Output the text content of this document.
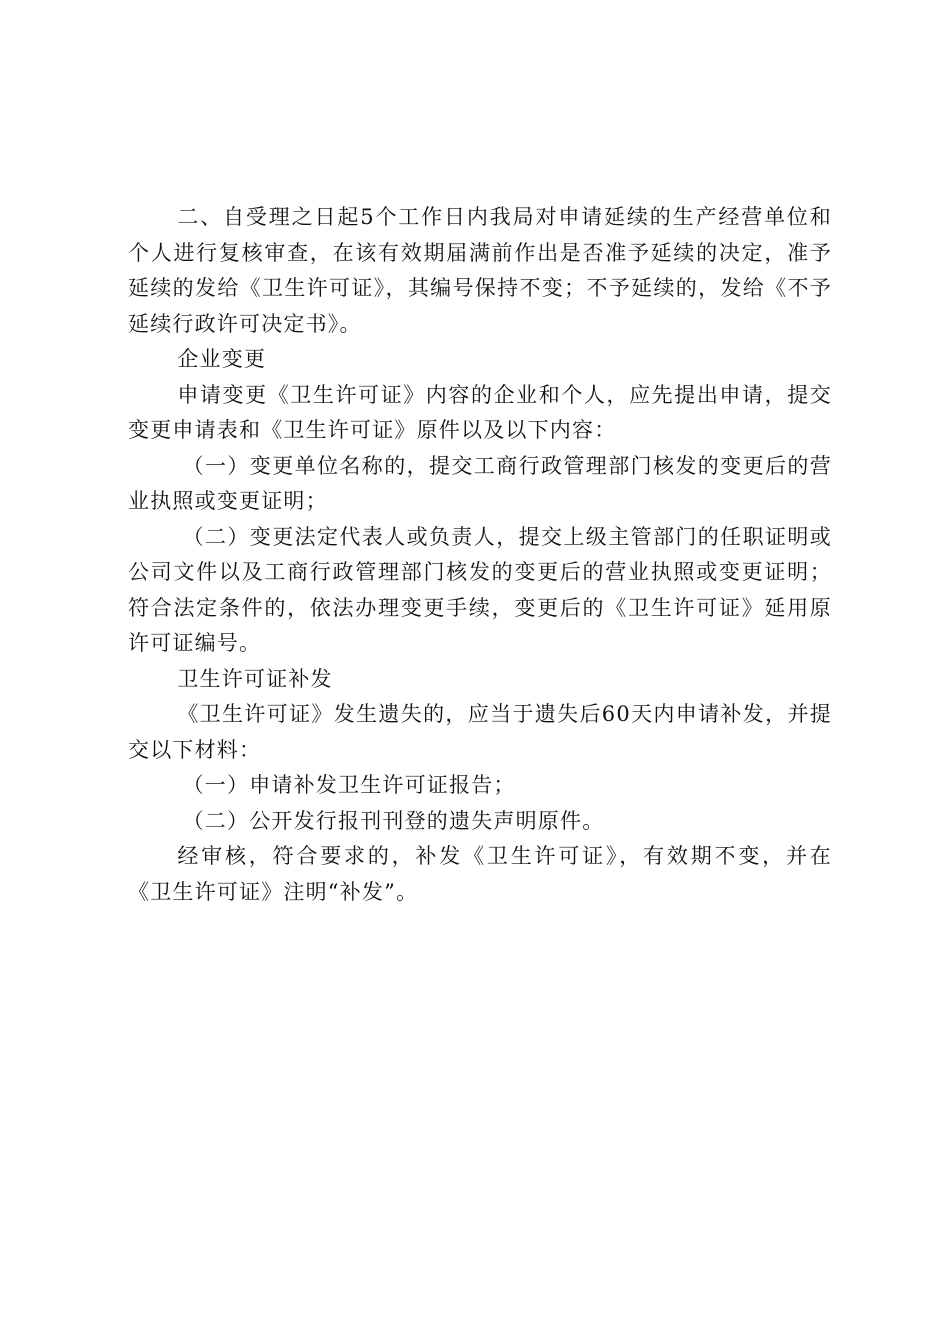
二、自受理之日起5个工作日内我局对申请延续的生产经营单位和个人进行复核审查，在该有效期届满前作出是否准予延续的决定，准予延续的发给《卫生许可证》，其编号保持不变；不予延续的，发给《不予延续行政许可决定书》。

企业变更

申请变更《卫生许可证》内容的企业和个人，应先提出申请，提交变更申请表和《卫生许可证》原件以及以下内容：

（一）变更单位名称的，提交工商行政管理部门核发的变更后的营业执照或变更证明；

（二）变更法定代表人或负责人，提交上级主管部门的任职证明或公司文件以及工商行政管理部门核发的变更后的营业执照或变更证明；符合法定条件的，依法办理变更手续，变更后的《卫生许可证》延用原许可证编号。

卫生许可证补发

《卫生许可证》发生遗失的，应当于遗失后60天内申请补发，并提交以下材料：

（一）申请补发卫生许可证报告；

（二）公开发行报刊刊登的遗失声明原件。

经审核，符合要求的，补发《卫生许可证》，有效期不变，并在《卫生许可证》注明“补发”。
